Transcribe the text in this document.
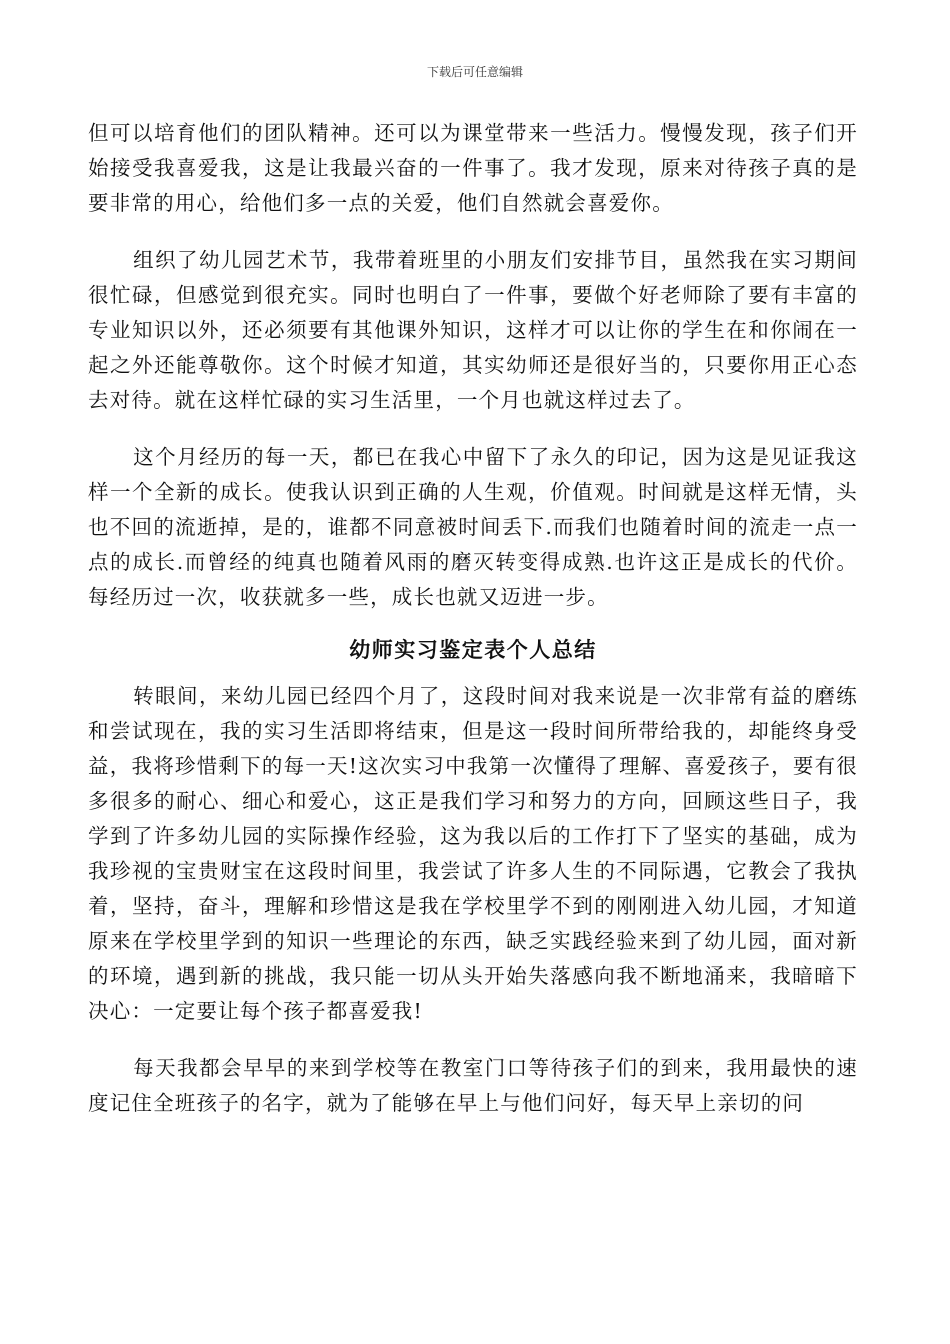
下载后可任意编辑

但可以培育他们的团队精神。还可以为课堂带来一些活力。慢慢发现，孩子们开始接受我喜爱我，这是让我最兴奋的一件事了。我才发现，原来对待孩子真的是要非常的用心，给他们多一点的关爱，他们自然就会喜爱你。

组织了幼儿园艺术节，我带着班里的小朋友们安排节目，虽然我在实习期间很忙碌，但感觉到很充实。同时也明白了一件事，要做个好老师除了要有丰富的专业知识以外，还必须要有其他课外知识，这样才可以让你的学生在和你闹在一起之外还能尊敬你。这个时候才知道，其实幼师还是很好当的，只要你用正心态去对待。就在这样忙碌的实习生活里，一个月也就这样过去了。

这个月经历的每一天，都已在我心中留下了永久的印记，因为这是见证我这样一个全新的成长。使我认识到正确的人生观，价值观。时间就是这样无情，头也不回的流逝掉，是的，谁都不同意被时间丢下.而我们也随着时间的流走一点一点的成长.而曾经的纯真也随着风雨的磨灭转变得成熟.也许这正是成长的代价。每经历过一次，收获就多一些，成长也就又迈进一步。

幼师实习鉴定表个人总结

转眼间，来幼儿园已经四个月了，这段时间对我来说是一次非常有益的磨练和尝试现在，我的实习生活即将结束，但是这一段时间所带给我的，却能终身受益，我将珍惜剩下的每一天!这次实习中我第一次懂得了理解、喜爱孩子，要有很多很多的耐心、细心和爱心，这正是我们学习和努力的方向，回顾这些日子，我学到了许多幼儿园的实际操作经验，这为我以后的工作打下了坚实的基础，成为我珍视的宝贵财宝在这段时间里，我尝试了许多人生的不同际遇，它教会了我执着，坚持，奋斗，理解和珍惜这是我在学校里学不到的刚刚进入幼儿园，才知道原来在学校里学到的知识一些理论的东西，缺乏实践经验来到了幼儿园，面对新的环境，遇到新的挑战，我只能一切从头开始失落感向我不断地涌来，我暗暗下决心：一定要让每个孩子都喜爱我!

每天我都会早早的来到学校等在教室门口等待孩子们的到来，我用最快的速度记住全班孩子的名字，就为了能够在早上与他们问好，每天早上亲切的问
